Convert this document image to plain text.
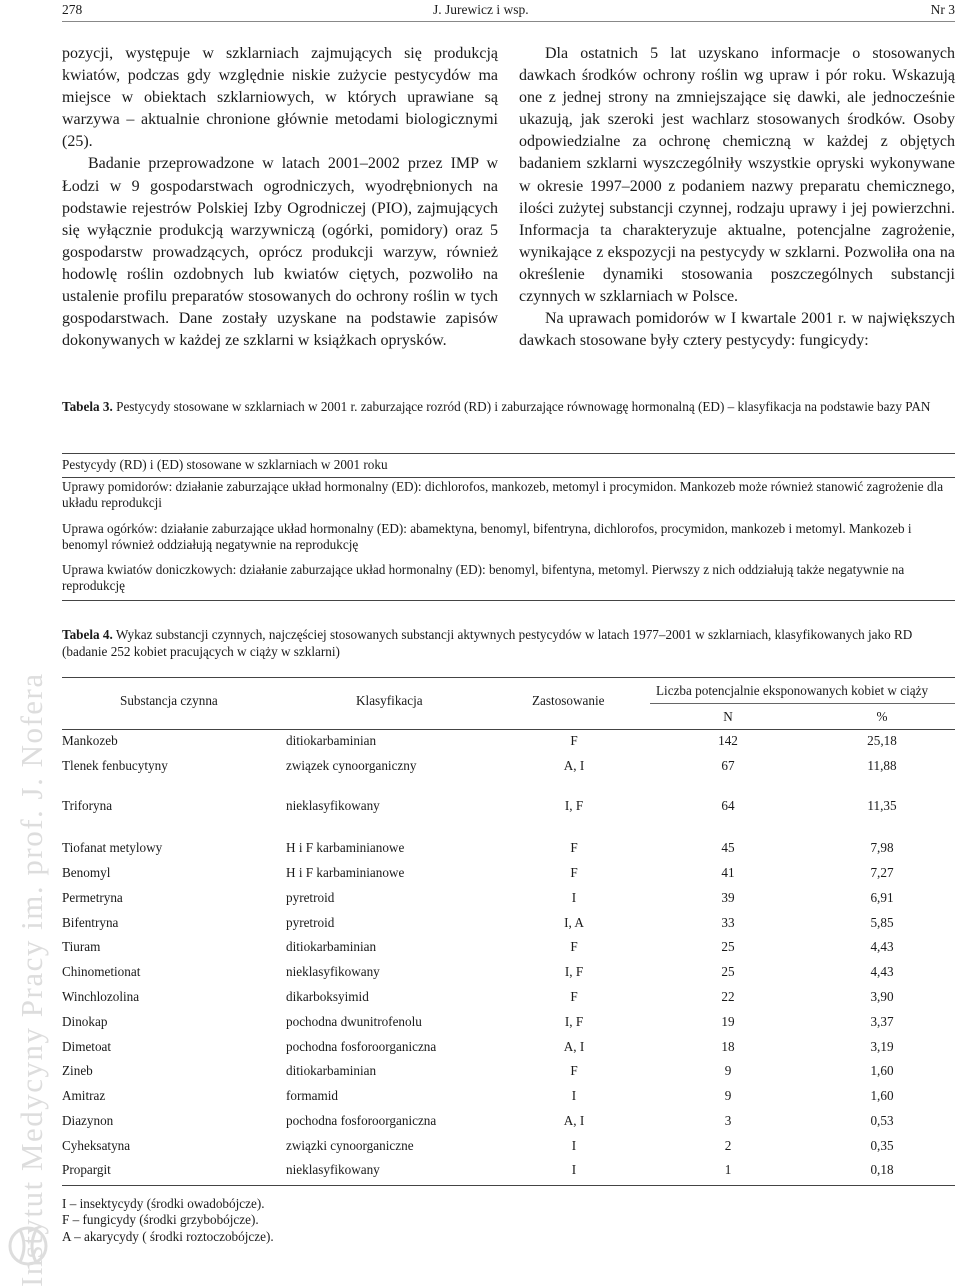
278	J. Jurewicz i wsp.	Nr 3

pozycji, występuje w szklarniach zajmujących się produkcją kwiatów, podczas gdy względnie niskie zużycie pestycydów ma miejsce w obiektach szklarniowych, w których uprawiane są warzywa – aktualnie chronione głównie metodami biologicznymi (25).

Badanie przeprowadzone w latach 2001–2002 przez IMP w Łodzi w 9 gospodarstwach ogrodniczych, wyodrębnionych na podstawie rejestrów Polskiej Izby Ogrodniczej (PIO), zajmujących się wyłącznie produkcją warzywniczą (ogórki, pomidory) oraz 5 gospodarstw prowadzących, oprócz produkcji warzyw, również hodowlę roślin ozdobnych lub kwiatów ciętych, pozwoliło na ustalenie profilu preparatów stosowanych do ochrony roślin w tych gospodarstwach. Dane zostały uzyskane na podstawie zapisów dokonywanych w każdej ze szklarni w książkach oprysków.

Dla ostatnich 5 lat uzyskano informacje o stosowanych dawkach środków ochrony roślin wg upraw i pór roku. Wskazują one z jednej strony na zmniejszające się dawki, ale jednocześnie ukazują, jak szeroki jest wachlarz stosowanych środków. Osoby odpowiedzialne za ochronę chemiczną w każdej z objętych badaniem szklarni wyszczególniły wszystkie opryski wykonywane w okresie 1997–2000 z podaniem nazwy preparatu chemicznego, ilości zużytej substancji czynnej, rodzaju uprawy i jej powierzchni. Informacja ta charakteryzuje aktualne, potencjalne zagrożenie, wynikające z ekspozycji na pestycydy w szklarni. Pozwoliła ona na określenie dynamiki stosowania poszczególnych substancji czynnych w szklarniach w Polsce.

Na uprawach pomidorów w I kwartale 2001 r. w największych dawkach stosowane były cztery pestycydy: fungicydy:

Tabela 3. Pestycydy stosowane w szklarniach w 2001 r. zaburzające rozród (RD) i zaburzające równowagę hormonalną (ED) – klasyfikacja na podstawie bazy PAN
Pestycydy (RD) i (ED) stosowane w szklarniach w 2001 roku
Uprawy pomidorów: działanie zaburzające układ hormonalny (ED): dichlorofos, mankozeb, metomyl i procymidon. Mankozeb może również stanowić zagrożenie dla układu reprodukcji
Uprawa ogórków: działanie zaburzające układ hormonalny (ED): abamektyna, benomyl, bifentryna, dichlorofos, procymidon, mankozeb i metomyl. Mankozeb i benomyl również oddziałują negatywnie na reprodukcję
Uprawa kwiatów doniczkowych: działanie zaburzające układ hormonalny (ED): benomyl, bifentyna, metomyl. Pierwszy z nich oddziałują także negatywnie na reprodukcję
Tabela 4. Wykaz substancji czynnych, najczęściej stosowanych substancji aktywnych pestycydów w latach 1977–2001 w szklarniach, klasyfikowanych jako RD (badanie 252 kobiet pracujących w ciąży w szklarni)
Substancja czynna	Klasyfikacja	Zastosowanie
Liczba potencjalnie eksponowanych kobiet w ciąży
N	%
Mankozeb	ditiokarbaminian	F	142	25,18
Tlenek fenbucytyny	związek cynoorganiczny	A, I	67	11,88
Triforyna	nieklasyfikowany	I, F	64	11,35
Tiofanat metylowy	H i F karbaminianowe	F	45	7,98
Benomyl	H i F karbaminianowe	F	41	7,27
Permetryna	pyretroid	I	39	6,91
Bifentryna	pyretroid	I, A	33	5,85
Tiuram	ditiokarbaminian	F	25	4,43
Chinometionat	nieklasyfikowany	I, F	25	4,43
Winchlozolina	dikarboksyimid	F	22	3,90
Dinokap	pochodna dwunitrofenolu	I, F	19	3,37
Dimetoat	pochodna fosforoorganiczna	A, I	18	3,19
Zineb	ditiokarbaminian	F	9	1,60
Amitraz	formamid	I	9	1,60
Diazynon	pochodna fosforoorganiczna	A, I	3	0,53
Cyheksatyna	związki cynoorganiczne	I	2	0,35
Propargit	nieklasyfikowany	I	1	0,18
I – insektycydy (środki owadobójcze).
F – fungicydy (środki grzybobójcze).
A – akarycydy ( środki roztoczobójcze).
Instytut Medycyny Pracy im. prof. J. Nofera
